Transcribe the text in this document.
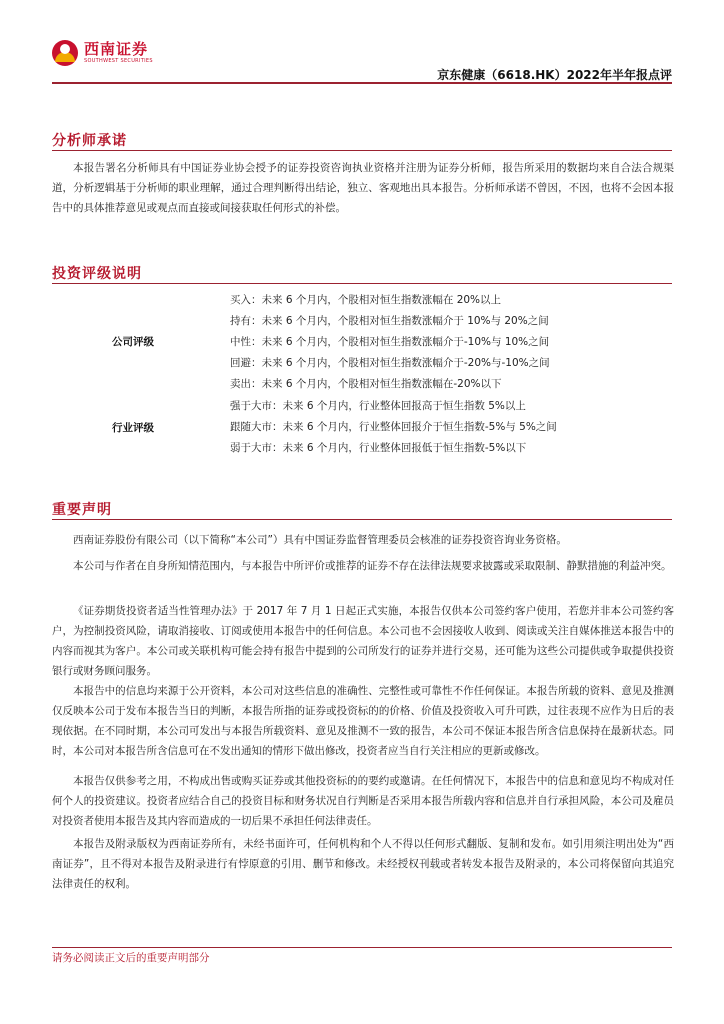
西南证券
SOUTHWEST SECURITIES
京东健康（6618.HK）2022年半年报点评
分析师承诺

本报告署名分析师具有中国证券业协会授予的证券投资咨询执业资格并注册为证券分析师，报告所采用的数据均来自合法合规渠道，分析逻辑基于分析师的职业理解，通过合理判断得出结论，独立、客观地出具本报告。分析师承诺不曾因，不因，也将不会因本报告中的具体推荐意见或观点而直接或间接获取任何形式的补偿。

投资评级说明
公司评级
买入：未来 6 个月内，个股相对恒生指数涨幅在 20%以上
持有：未来 6 个月内，个股相对恒生指数涨幅介于 10%与 20%之间
中性：未来 6 个月内，个股相对恒生指数涨幅介于-10%与 10%之间
回避：未来 6 个月内，个股相对恒生指数涨幅介于-20%与-10%之间
卖出：未来 6 个月内，个股相对恒生指数涨幅在-20%以下
行业评级
强于大市：未来 6 个月内，行业整体回报高于恒生指数 5%以上
跟随大市：未来 6 个月内，行业整体回报介于恒生指数-5%与 5%之间
弱于大市：未来 6 个月内，行业整体回报低于恒生指数-5%以下
重要声明

西南证券股份有限公司（以下简称“本公司”）具有中国证券监督管理委员会核准的证券投资咨询业务资格。

本公司与作者在自身所知情范围内，与本报告中所评价或推荐的证券不存在法律法规要求披露或采取限制、静默措施的利益冲突。

《证券期货投资者适当性管理办法》于 2017 年 7 月 1 日起正式实施，本报告仅供本公司签约客户使用，若您并非本公司签约客户，为控制投资风险，请取消接收、订阅或使用本报告中的任何信息。本公司也不会因接收人收到、阅读或关注自媒体推送本报告中的内容而视其为客户。本公司或关联机构可能会持有报告中提到的公司所发行的证券并进行交易，还可能为这些公司提供或争取提供投资银行或财务顾问服务。

本报告中的信息均来源于公开资料，本公司对这些信息的准确性、完整性或可靠性不作任何保证。本报告所载的资料、意见及推测仅反映本公司于发布本报告当日的判断，本报告所指的证券或投资标的的价格、价值及投资收入可升可跌，过往表现不应作为日后的表现依据。在不同时期，本公司可发出与本报告所载资料、意见及推测不一致的报告，本公司不保证本报告所含信息保持在最新状态。同时，本公司对本报告所含信息可在不发出通知的情形下做出修改，投资者应当自行关注相应的更新或修改。

本报告仅供参考之用，不构成出售或购买证券或其他投资标的的要约或邀请。在任何情况下，本报告中的信息和意见均不构成对任何个人的投资建议。投资者应结合自己的投资目标和财务状况自行判断是否采用本报告所载内容和信息并自行承担风险，本公司及雇员对投资者使用本报告及其内容而造成的一切后果不承担任何法律责任。

本报告及附录版权为西南证券所有，未经书面许可，任何机构和个人不得以任何形式翻版、复制和发布。如引用须注明出处为“西南证券”，且不得对本报告及附录进行有悖原意的引用、删节和修改。未经授权刊载或者转发本报告及附录的，本公司将保留向其追究法律责任的权利。

请务必阅读正文后的重要声明部分
